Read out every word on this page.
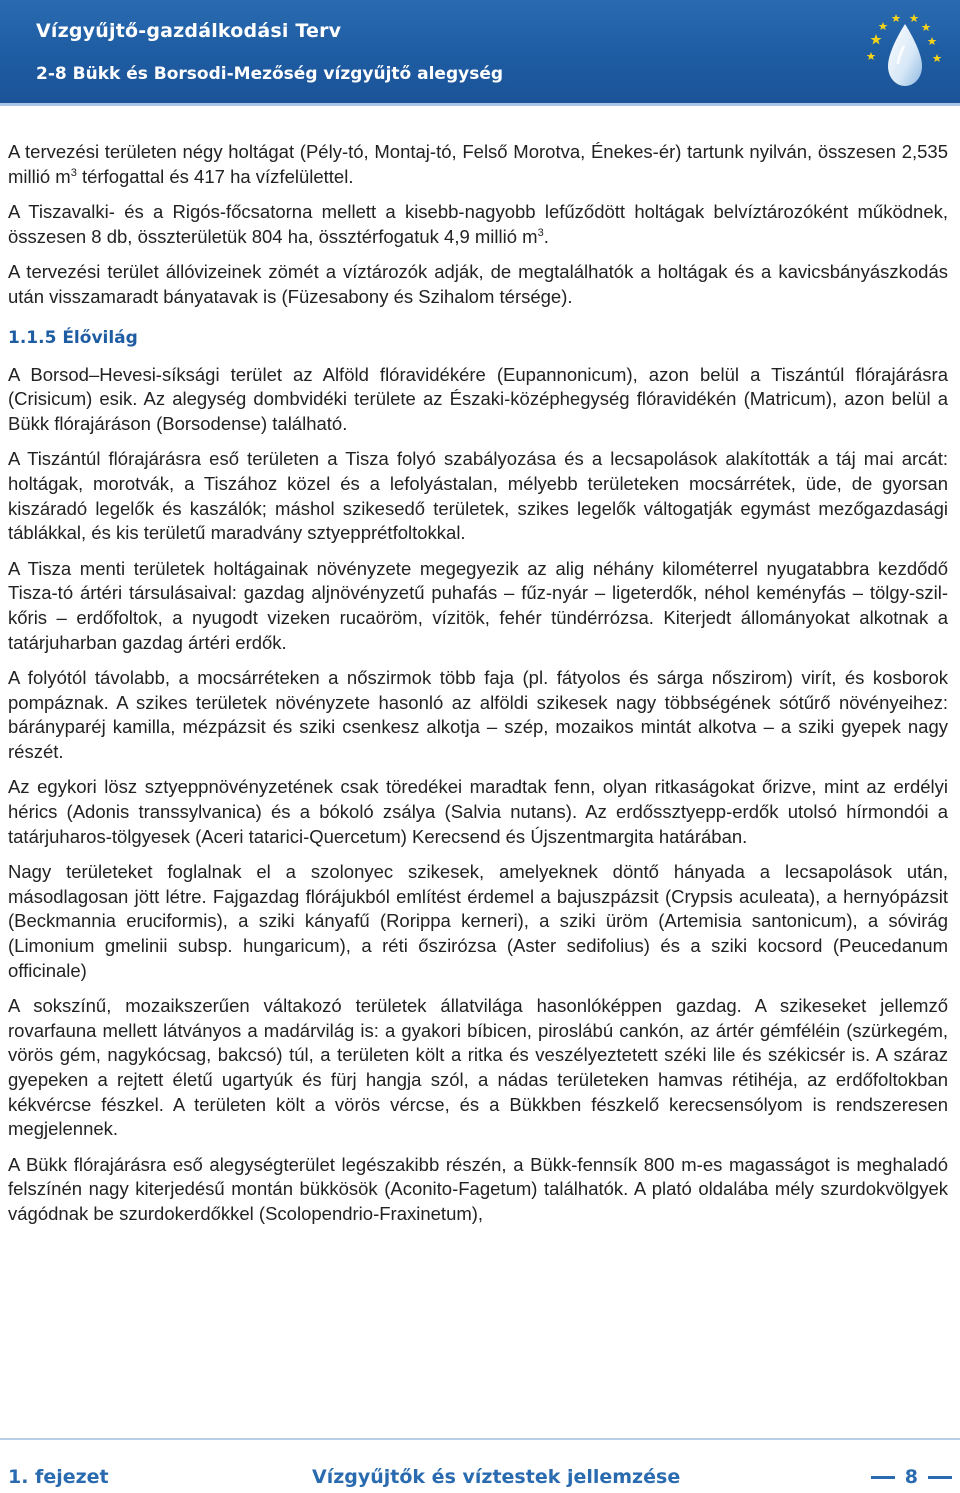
Vízgyűjtő-gazdálkodási Terv
2-8 Bükk és Borsodi-Mezőség vízgyűjtő alegység

A tervezési területen négy holtágat (Pély-tó, Montaj-tó, Felső Morotva, Énekes-ér) tartunk nyilván, összesen 2,535 millió $m^3$ térfogattal és 417 ha vízfelülettel.

A Tiszavalki- és a Rigós-főcsatorna mellett a kisebb-nagyobb lefűződött holtágak belvíztározóként működnek, összesen 8 db, összterületük 804 ha, össztérfogatuk 4,9 millió $m^3$.

A tervezési terület állóvizeinek zömét a víztározók adják, de megtalálhatók a holtágak és a kavicsbányászkodás után visszamaradt bányatavak is (Füzesabony és Szihalom térsége).

1.1.5 Élővilág

A Borsod–Hevesi-síksági terület az Alföld flóravidékére (Eupannonicum), azon belül a Tiszántúl flórajárásra (Crisicum) esik. Az alegység dombvidéki területe az Északi-középhegység flóravidékén (Matricum), azon belül a Bükk flórajáráson (Borsodense) található.

A Tiszántúl flórajárásra eső területen a Tisza folyó szabályozása és a lecsapolások alakították a táj mai arcát: holtágak, morotvák, a Tiszához közel és a lefolyástalan, mélyebb területeken mocsárrétek, üde, de gyorsan kiszáradó legelők és kaszálók; máshol szikesedő területek, szikes legelők váltogatják egymást mezőgazdasági táblákkal, és kis területű maradvány sztyepprétfoltokkal.

A Tisza menti területek holtágainak növényzete megegyezik az alig néhány kilométerrel nyugatabbra kezdődő Tisza-tó ártéri társulásaival: gazdag aljnövényzetű puhafás – fűz-nyár – ligeterdők, néhol keményfás – tölgy-szil-kőris – erdőfoltok, a nyugodt vizeken rucaöröm, vízitök, fehér tündérrózsa. Kiterjedt állományokat alkotnak a tatárjuharban gazdag ártéri erdők.

A folyótól távolabb, a mocsárréteken a nőszirmok több faja (pl. fátyolos és sárga nőszirom) virít, és kosborok pompáznak. A szikes területek növényzete hasonló az alföldi szikesek nagy többségének sótűrő növényeihez: bárányparéj kamilla, mézpázsit és sziki csenkesz alkotja – szép, mozaikos mintát alkotva – a sziki gyepek nagy részét.

Az egykori lösz sztyeppnövényzetének csak töredékei maradtak fenn, olyan ritkaságokat őrizve, mint az erdélyi hérics (Adonis transsylvanica) és a bókoló zsálya (Salvia nutans). Az erdőssztyepp-erdők utolsó hírmondói a tatárjuharos-tölgyesek (Aceri tatarici-Quercetum) Kerecsend és Újszentmargita határában.

Nagy területeket foglalnak el a szolonyec szikesek, amelyeknek döntő hányada a lecsapolások után, másodlagosan jött létre. Fajgazdag flórájukból említést érdemel a bajuszpázsit (Crypsis aculeata), a hernyópázsit (Beckmannia eruciformis), a sziki kányafű (Rorippa kerneri), a sziki üröm (Artemisia santonicum), a sóvirág (Limonium gmelinii subsp. hungaricum), a réti őszirózsa (Aster sedifolius) és a sziki kocsord (Peucedanum officinale)

A sokszínű, mozaikszerűen váltakozó területek állatvilága hasonlóképpen gazdag. A szikeseket jellemző rovarfauna mellett látványos a madárvilág is: a gyakori bíbicen, piroslábú cankón, az ártér gémféléin (szürkegém, vörös gém, nagykócsag, bakcsó) túl, a területen költ a ritka és veszélyeztetett széki lile és székicsér is. A száraz gyepeken a rejtett életű ugartyúk és fürj hangja szól, a nádas területeken hamvas rétihéja, az erdőfoltokban kékvércse fészkel. A területen költ a vörös vércse, és a Bükkben fészkelő kerecsensólyom is rendszeresen megjelennek.

A Bükk flórajárásra eső alegységterület legészakibb részén, a Bükk-fennsík 800 m-es magasságot is meghaladó felszínén nagy kiterjedésű montán bükkösök (Aconito-Fagetum) találhatók. A plató oldalába mély szurdokvölgyek vágódnak be szurdokerdőkkel (Scolopendrio-Fraxinetum),

1. fejezet	Vízgyűjtők és víztestek jellemzése	8
